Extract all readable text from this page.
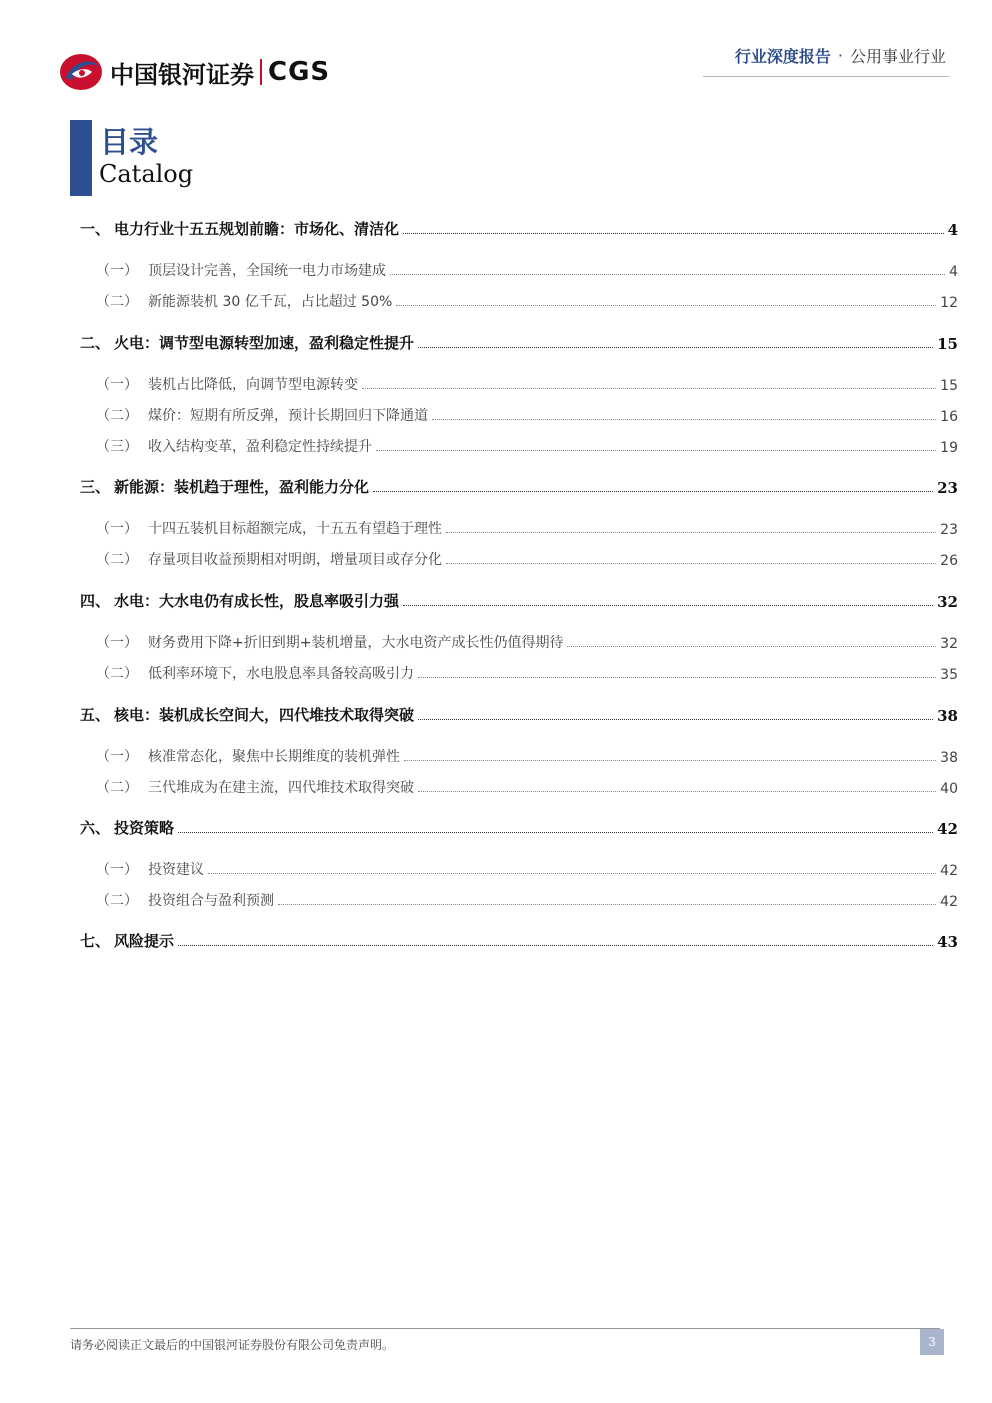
中国银河证券 CGS
行业深度报告 · 公用事业行业
目录
Catalog
一、 电力行业十五五规划前瞻：市场化、清洁化	4
（一） 顶层设计完善，全国统一电力市场建成	4
（二） 新能源装机 30 亿千瓦，占比超过 50%	12
二、 火电：调节型电源转型加速，盈利稳定性提升	15
（一） 装机占比降低，向调节型电源转变	15
（二） 煤价：短期有所反弹，预计长期回归下降通道	16
（三） 收入结构变革，盈利稳定性持续提升	19
三、 新能源：装机趋于理性，盈利能力分化	23
（一） 十四五装机目标超额完成，十五五有望趋于理性	23
（二） 存量项目收益预期相对明朗，增量项目或存分化	26
四、 水电：大水电仍有成长性，股息率吸引力强	32
（一） 财务费用下降+折旧到期+装机增量，大水电资产成长性仍值得期待	32
（二） 低利率环境下，水电股息率具备较高吸引力	35
五、 核电：装机成长空间大，四代堆技术取得突破	38
（一） 核准常态化，聚焦中长期维度的装机弹性	38
（二） 三代堆成为在建主流，四代堆技术取得突破	40
六、 投资策略	42
（一） 投资建议	42
（二） 投资组合与盈利预测	42
七、 风险提示	43
请务必阅读正文最后的中国银河证券股份有限公司免责声明。	3
